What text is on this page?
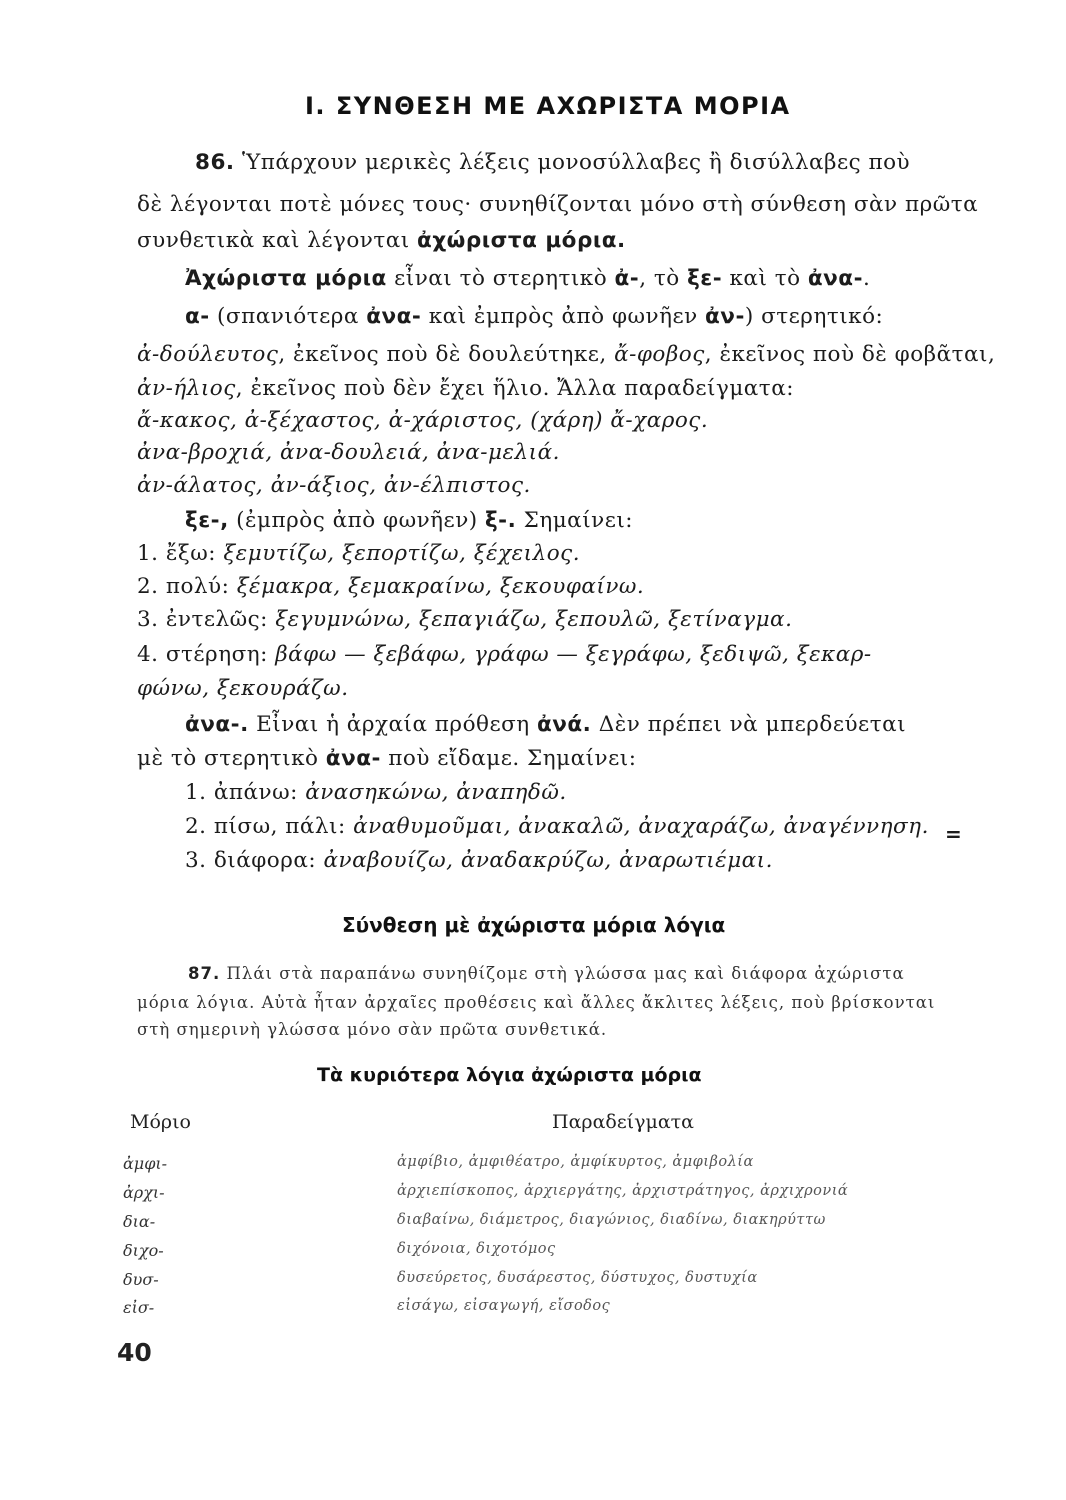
Ι. ΣΥΝΘΕΣΗ ΜΕ ΑΧΩΡΙΣΤΑ ΜΟΡΙΑ
86. Ὑπάρχουν μερικὲς λέξεις μονοσύλλαβες ἢ δισύλλαβες ποὺ
δὲ λέγονται ποτὲ μόνες τους· συνηθίζονται μόνο στὴ σύνθεση σὰν πρῶτα
συνθετικὰ καὶ λέγονται ἀχώριστα μόρια.
Ἀχώριστα μόρια εἶναι τὸ στερητικὸ ἀ-, τὸ ξε- καὶ τὸ ἀνα-.
α- (σπανιότερα ἀνα- καὶ ἐμπρὸς ἀπὸ φωνῆεν ἀν-) στερητικό:
ἀ-δούλευτος, ἐκεῖνος ποὺ δὲ δουλεύτηκε, ἄ-φοβος, ἐκεῖνος ποὺ δὲ φοβᾶται,
ἀν-ήλιος, ἐκεῖνος ποὺ δὲν ἔχει ἥλιο. Ἄλλα παραδείγματα:
ἄ-κακος, ἀ-ξέχαστος, ἀ-χάριστος, (χάρη) ἄ-χαρος.
ἀνα-βροχιά, ἀνα-δουλειά, ἀνα-μελιά.
ἀν-άλατος, ἀν-άξιος, ἀν-έλπιστος.
ξε-, (ἐμπρὸς ἀπὸ φωνῆεν) ξ-. Σημαίνει:
1. ἔξω: ξεμυτίζω, ξεπορτίζω, ξέχειλος.
2. πολύ: ξέμακρα, ξεμακραίνω, ξεκουφαίνω.
3. ἐντελῶς: ξεγυμνώνω, ξεπαγιάζω, ξεπουλῶ, ξετίναγμα.
4. στέρηση: βάφω — ξεβάφω, γράφω — ξεγράφω, ξεδιψῶ, ξεκαρ-
φώνω, ξεκουράζω.
ἀνα-. Εἶναι ἡ ἀρχαία πρόθεση ἀνά. Δὲν πρέπει νὰ μπερδεύεται
μὲ τὸ στερητικὸ ἀνα- ποὺ εἴδαμε. Σημαίνει:
1. ἀπάνω: ἀνασηκώνω, ἀναπηδῶ.
2. πίσω, πάλι: ἀναθυμοῦμαι, ἀνακαλῶ, ἀναχαράζω, ἀναγέννηση. =
3. διάφορα: ἀναβουίζω, ἀναδακρύζω, ἀναρωτιέμαι.
Σύνθεση μὲ ἀχώριστα μόρια λόγια
87. Πλάι στὰ παραπάνω συνηθίζομε στὴ γλώσσα μας καὶ διάφορα ἀχώριστα
μόρια λόγια. Αὐτὰ ἦταν ἀρχαῖες προθέσεις καὶ ἄλλες ἄκλιτες λέξεις, ποὺ βρίσκονται
στὴ σημερινὴ γλώσσα μόνο σὰν πρῶτα συνθετικά.
Τὰ κυριότερα λόγια ἀχώριστα μόρια
Μόριο	Παραδείγματα
ἀμφι-	ἀμφίβιο, ἀμφιθέατρο, ἀμφίκυρτος, ἀμφιβολία
ἀρχι-	ἀρχιεπίσκοπος, ἀρχιεργάτης, ἀρχιστράτηγος, ἀρχιχρονιά
δια-	διαβαίνω, διάμετρος, διαγώνιος, διαδίνω, διακηρύττω
διχο-	διχόνοια, διχοτόμος
δυσ-	δυσεύρετος, δυσάρεστος, δύστυχος, δυστυχία
εἰσ-	εἰσάγω, εἰσαγωγή, εἴσοδος
40
